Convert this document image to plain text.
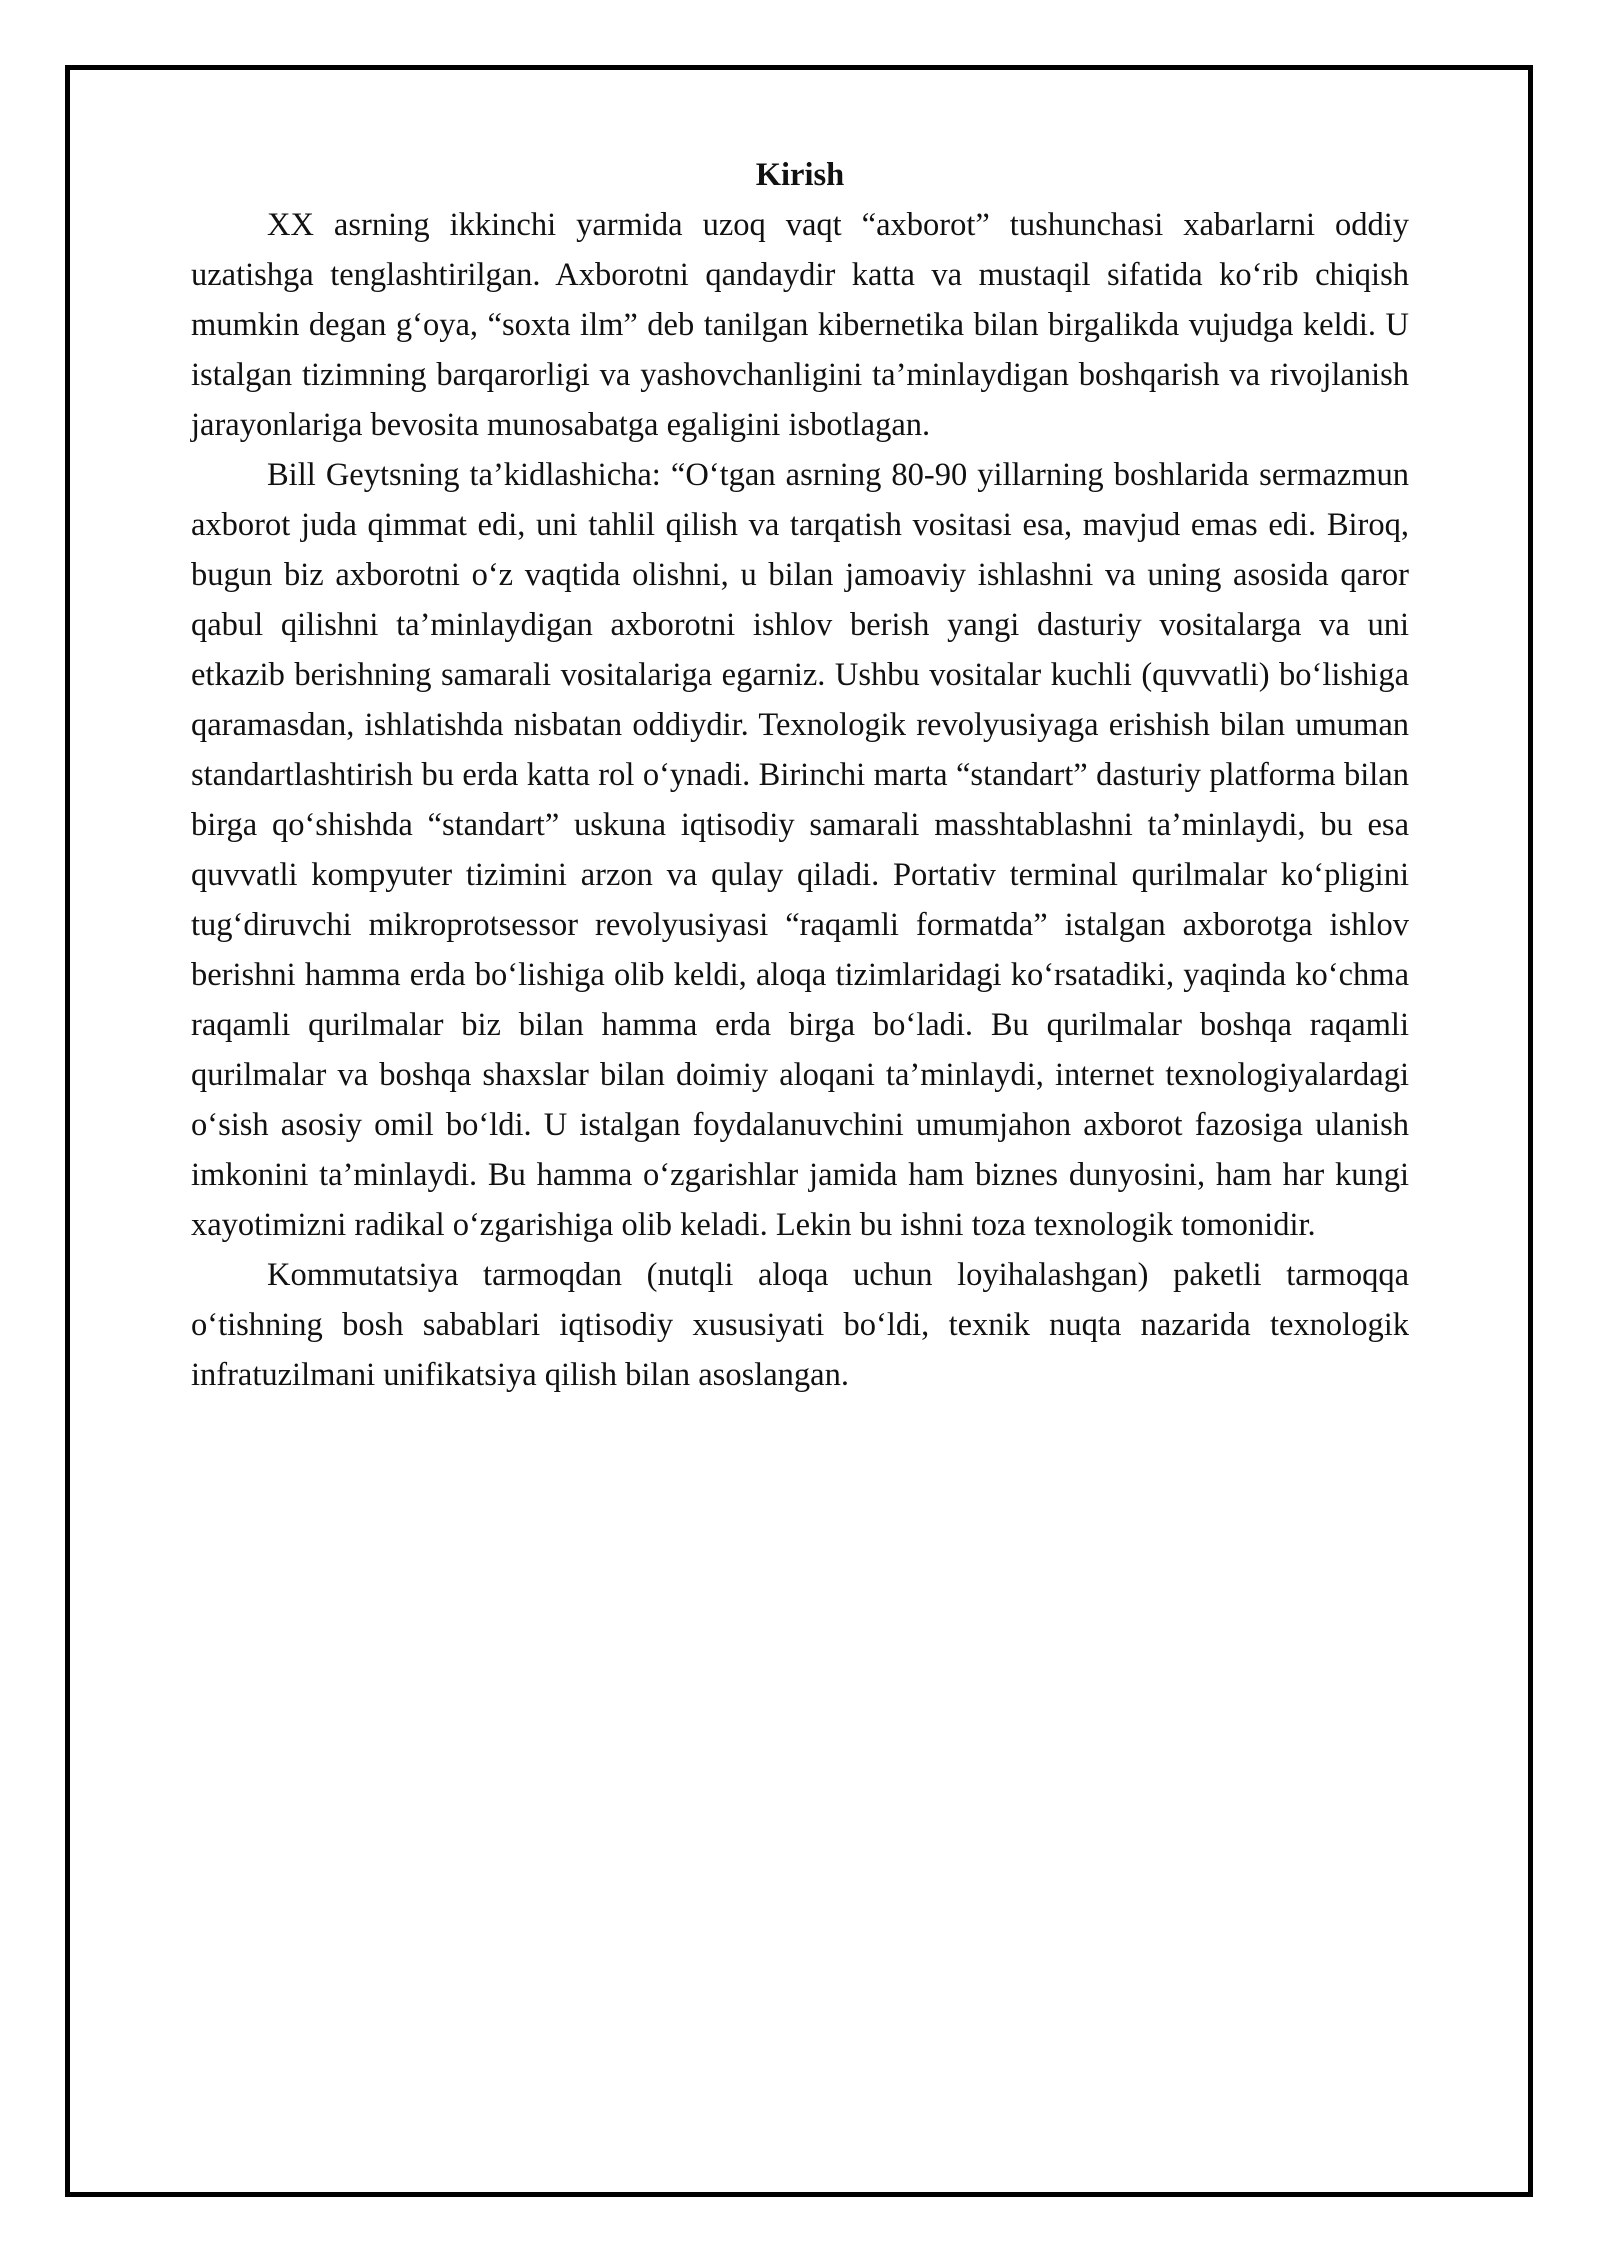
Kirish

XX asrning ikkinchi yarmida uzoq vaqt “axborot” tushunchasi xabarlarni oddiy uzatishga tenglashtirilgan. Axborotni qandaydir katta va mustaqil sifatida koʻrib chiqish mumkin degan gʻoya, “soxta ilm” deb tanilgan kibernetika bilan birgalikda vujudga keldi. U istalgan tizimning barqarorligi va yashovchanligini ta’minlaydigan boshqarish va rivojlanish jarayonlariga bevosita munosabatga egaligini isbotlagan.

Bill Geytsning ta’kidlashicha: “Oʻtgan asrning 80-90 yillarning boshlarida sermazmun axborot juda qimmat edi, uni tahlil qilish va tarqatish vositasi esa, mavjud emas edi. Biroq, bugun biz axborotni oʻz vaqtida olishni, u bilan jamoaviy ishlashni va uning asosida qaror qabul qilishni ta’minlaydigan axborotni ishlov berish yangi dasturiy vositalarga va uni etkazib berishning samarali vositalariga egarniz. Ushbu vositalar kuchli (quvvatli) boʻlishiga qaramasdan, ishlatishda nisbatan oddiydir. Texnologik revolyusiyaga erishish bilan umuman standartlashtirish bu erda katta rol oʻynadi. Birinchi marta “standart” dasturiy platforma bilan birga qoʻshishda “standart” uskuna iqtisodiy samarali masshtablashni ta’minlaydi, bu esa quvvatli kompyuter tizimini arzon va qulay qiladi. Portativ terminal qurilmalar koʻpligini tugʻdiruvchi mikroprotsessor revolyusiyasi “raqamli formatda” istalgan axborotga ishlov berishni hamma erda boʻlishiga olib keldi, aloqa tizimlaridagi koʻrsatadiki, yaqinda koʻchma raqamli qurilmalar biz bilan hamma erda birga boʻladi. Bu qurilmalar boshqa raqamli qurilmalar va boshqa shaxslar bilan doimiy aloqani ta’minlaydi, internet texnologiyalardagi oʻsish asosiy omil boʻldi. U istalgan foydalanuvchini umumjahon axborot fazosiga ulanish imkonini ta’minlaydi. Bu hamma oʻzgarishlar jamida ham biznes dunyosini, ham har kungi xayotimizni radikal oʻzgarishiga olib keladi. Lekin bu ishni toza texnologik tomonidir.

Kommutatsiya tarmoqdan (nutqli aloqa uchun loyihalashgan) paketli tarmoqqa oʻtishning bosh sabablari iqtisodiy xususiyati boʻldi, texnik nuqta nazarida texnologik infratuzilmani unifikatsiya qilish bilan asoslangan.
